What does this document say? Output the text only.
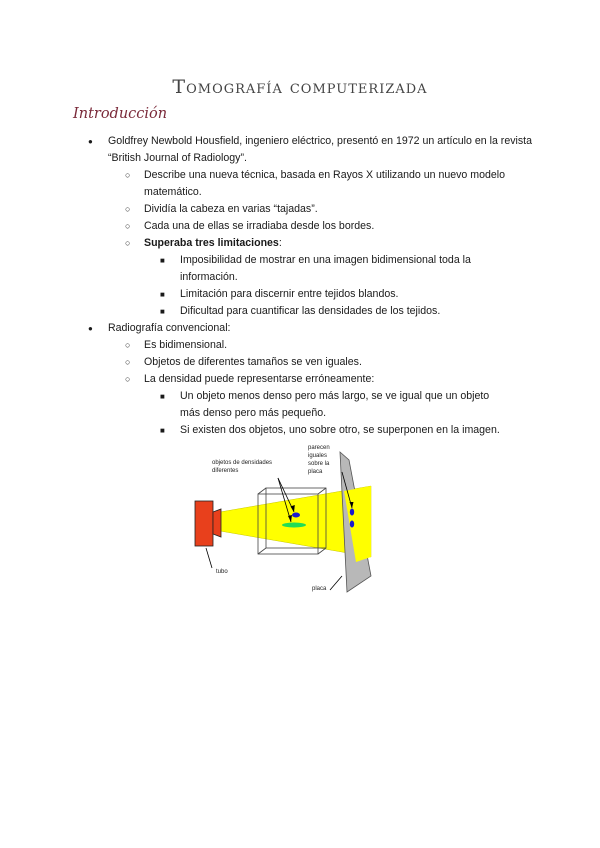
Tomografía computerizada
Introducción
● Goldfrey Newbold Housfield, ingeniero eléctrico, presentó en 1972 un artículo en la revista “British Journal of Radiology”.
○ Describe una nueva técnica, basada en Rayos X utilizando un nuevo modelo matemático.
○ Dividía la cabeza en varias “tajadas”.
○ Cada una de ellas se irradiaba desde los bordes.
○ Superaba tres limitaciones:
■ Imposibilidad de mostrar en una imagen bidimensional toda la información.
■ Limitación para discernir entre tejidos blandos.
■ Dificultad para cuantificar las densidades de los tejidos.
● Radiografía convencional:
○ Es bidimensional.
○ Objetos de diferentes tamaños se ven iguales.
○ La densidad puede representarse erróneamente:
■ Un objeto menos denso pero más largo, se ve igual que un objeto más denso pero más pequeño.
■ Si existen dos objetos, uno sobre otro, se superponen en la imagen.
objetos de densidades diferentes
parecen iguales sobre la placa
tubo
placa
